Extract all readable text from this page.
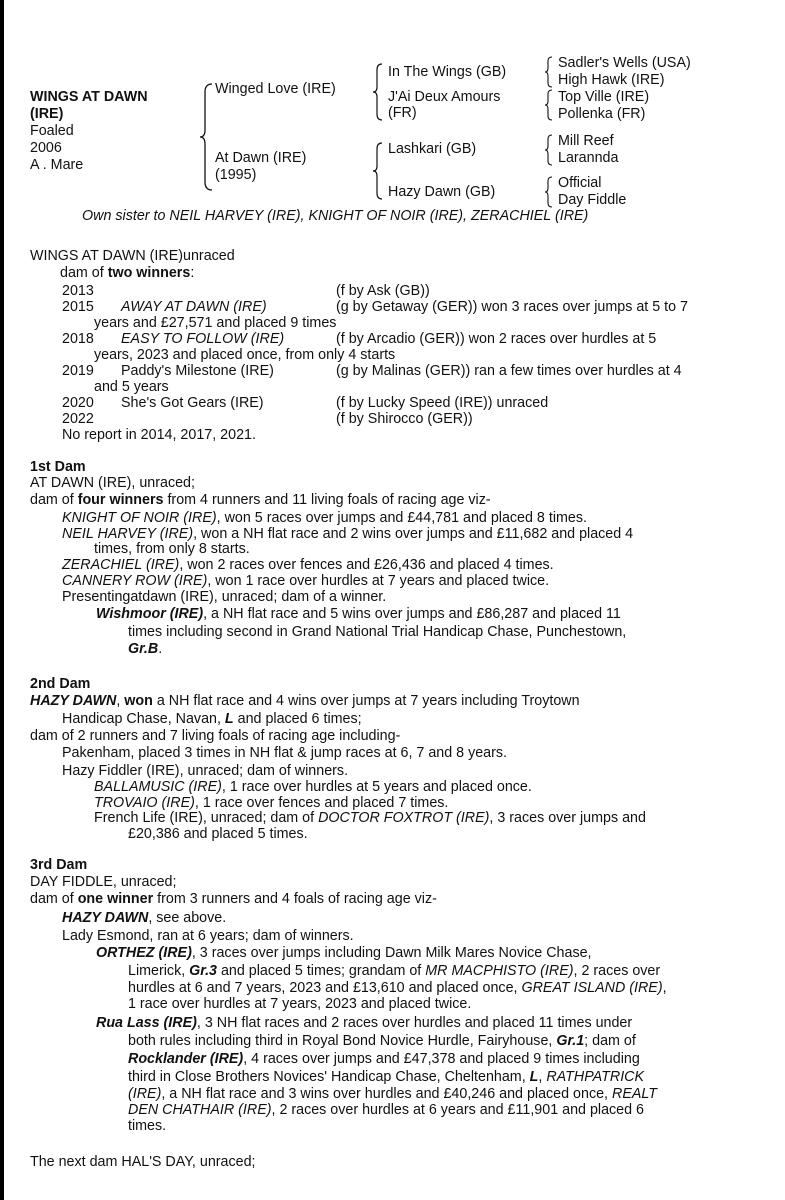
WINGS AT DAWN
(IRE)
Foaled
2006
A . Mare
Winged Love (IRE)
At Dawn (IRE)
(1995)
In The Wings (GB)
J'Ai Deux Amours
(FR)
Lashkari (GB)
Hazy Dawn (GB)
Sadler's Wells (USA)
High Hawk (IRE)
Top Ville (IRE)
Pollenka (FR)
Mill Reef
Larannda
Official
Day Fiddle
Own sister to NEIL HARVEY (IRE), KNIGHT OF NOIR (IRE), ZERACHIEL (IRE)
WINGS AT DAWN (IRE)unraced
dam of two winners:
2013	(f by Ask (GB))
2015 AWAY AT DAWN (IRE)	(g by Getaway (GER)) won 3 races over jumps at 5 to 7
years and £27,571 and placed 9 times
2018 EASY TO FOLLOW (IRE)	(f by Arcadio (GER)) won 2 races over hurdles at 5
years, 2023 and placed once, from only 4 starts
2019 Paddy's Milestone (IRE)	(g by Malinas (GER)) ran a few times over hurdles at 4
and 5 years
2020 She's Got Gears (IRE)	(f by Lucky Speed (IRE)) unraced
2022	(f by Shirocco (GER))
No report in 2014, 2017, 2021.
1st Dam
AT DAWN (IRE), unraced;
dam of four winners from 4 runners and 11 living foals of racing age viz-
KNIGHT OF NOIR (IRE), won 5 races over jumps and £44,781 and placed 8 times.
NEIL HARVEY (IRE), won a NH flat race and 2 wins over jumps and £11,682 and placed 4
times, from only 8 starts.
ZERACHIEL (IRE), won 2 races over fences and £26,436 and placed 4 times.
CANNERY ROW (IRE), won 1 race over hurdles at 7 years and placed twice.
Presentingatdawn (IRE), unraced; dam of a winner.
Wishmoor (IRE), a NH flat race and 5 wins over jumps and £86,287 and placed 11
times including second in Grand National Trial Handicap Chase, Punchestown,
Gr.B.
2nd Dam
HAZY DAWN, won a NH flat race and 4 wins over jumps at 7 years including Troytown
Handicap Chase, Navan, L and placed 6 times;
dam of 2 runners and 7 living foals of racing age including-
Pakenham, placed 3 times in NH flat & jump races at 6, 7 and 8 years.
Hazy Fiddler (IRE), unraced; dam of winners.
BALLAMUSIC (IRE), 1 race over hurdles at 5 years and placed once.
TROVAIO (IRE), 1 race over fences and placed 7 times.
French Life (IRE), unraced; dam of DOCTOR FOXTROT (IRE), 3 races over jumps and
£20,386 and placed 5 times.
3rd Dam
DAY FIDDLE, unraced;
dam of one winner from 3 runners and 4 foals of racing age viz-
HAZY DAWN, see above.
Lady Esmond, ran at 6 years; dam of winners.
ORTHEZ (IRE), 3 races over jumps including Dawn Milk Mares Novice Chase,
Limerick, Gr.3 and placed 5 times; grandam of MR MACPHISTO (IRE), 2 races over
hurdles at 6 and 7 years, 2023 and £13,610 and placed once, GREAT ISLAND (IRE),
1 race over hurdles at 7 years, 2023 and placed twice.
Rua Lass (IRE), 3 NH flat races and 2 races over hurdles and placed 11 times under
both rules including third in Royal Bond Novice Hurdle, Fairyhouse, Gr.1; dam of
Rocklander (IRE), 4 races over jumps and £47,378 and placed 9 times including
third in Close Brothers Novices' Handicap Chase, Cheltenham, L, RATHPATRICK
(IRE), a NH flat race and 3 wins over hurdles and £40,246 and placed once, REALT
DEN CHATHAIR (IRE), 2 races over hurdles at 6 years and £11,901 and placed 6
times.
The next dam HAL'S DAY, unraced;
